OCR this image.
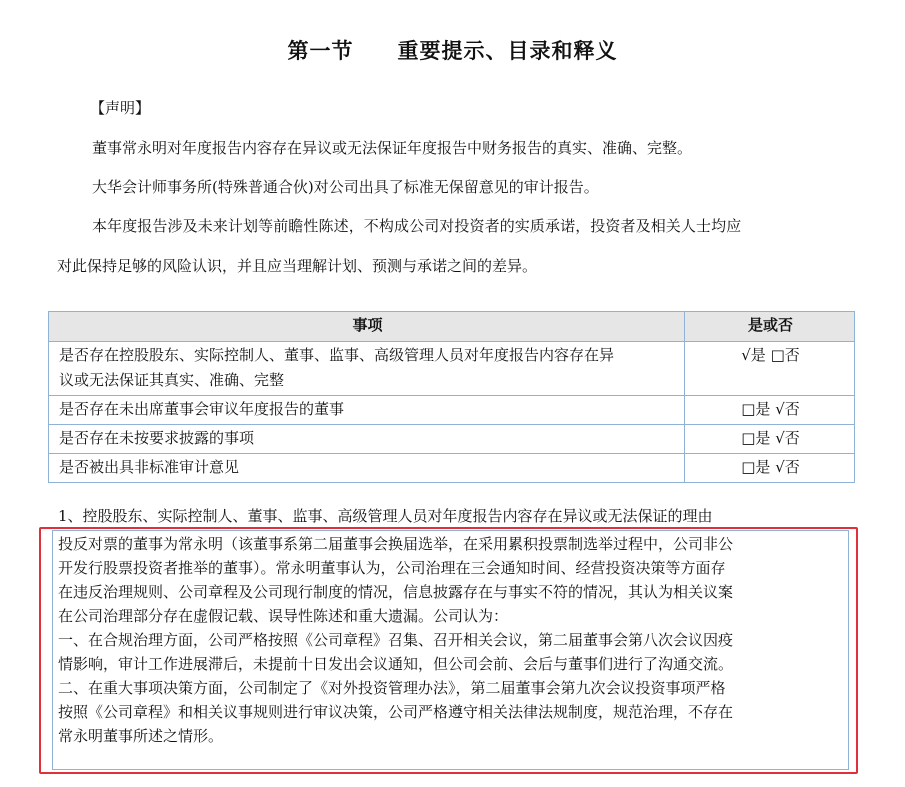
第一节　　重要提示、目录和释义
【声明】
董事常永明对年度报告内容存在异议或无法保证年度报告中财务报告的真实、准确、完整。
大华会计师事务所(特殊普通合伙)对公司出具了标准无保留意见的审计报告。
本年度报告涉及未来计划等前瞻性陈述，不构成公司对投资者的实质承诺，投资者及相关人士均应
对此保持足够的风险认识，并且应当理解计划、预测与承诺之间的差异。
事项	是或否

是否存在控股股东、实际控制人、董事、监事、高级管理人员对年度报告内容存在异
议或无法保证其真实、准确、完整	√是 □否
是否存在未出席董事会审议年度报告的董事	□是 √否
是否存在未按要求披露的事项	□是 √否
是否被出具非标准审计意见	□是 √否
1、控股股东、实际控制人、董事、监事、高级管理人员对年度报告内容存在异议或无法保证的理由
投反对票的董事为常永明（该董事系第二届董事会换届选举，在采用累积投票制选举过程中，公司非公
开发行股票投资者推举的董事）。常永明董事认为，公司治理在三会通知时间、经营投资决策等方面存
在违反治理规则、公司章程及公司现行制度的情况，信息披露存在与事实不符的情况，其认为相关议案
在公司治理部分存在虚假记载、误导性陈述和重大遗漏。公司认为：
一、在合规治理方面，公司严格按照《公司章程》召集、召开相关会议，第二届董事会第八次会议因疫
情影响，审计工作进展滞后，未提前十日发出会议通知，但公司会前、会后与董事们进行了沟通交流。
二、在重大事项决策方面，公司制定了《对外投资管理办法》，第二届董事会第九次会议投资事项严格
按照《公司章程》和相关议事规则进行审议决策，公司严格遵守相关法律法规制度，规范治理，不存在
常永明董事所述之情形。
